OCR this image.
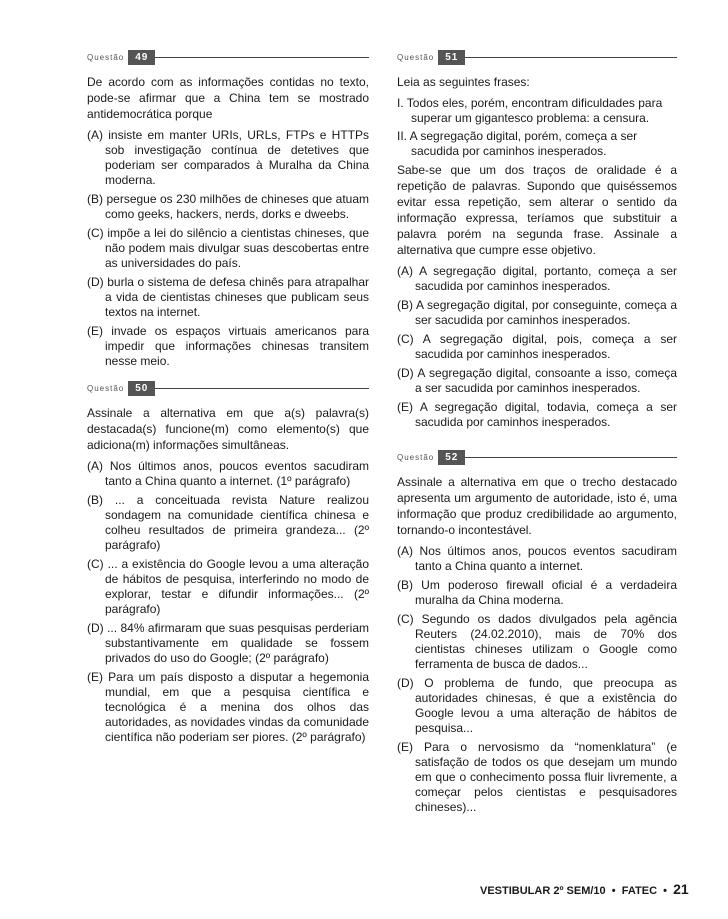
Questão	49

De acordo com as informações contidas no texto, pode-se afirmar que a China tem se mostrado antidemocrática porque

(A) insiste em manter URIs, URLs, FTPs e HTTPs sob investigação contínua de detetives que poderiam ser comparados à Muralha da China moderna.

(B) persegue os 230 milhões de chineses que atuam como geeks, hackers, nerds, dorks e dweebs.

(C) impõe a lei do silêncio a cientistas chineses, que não podem mais divulgar suas descobertas entre as universidades do país.

(D) burla o sistema de defesa chinês para atrapalhar a vida de cientistas chineses que publicam seus textos na internet.

(E) invade os espaços virtuais americanos para impedir que informações chinesas transitem nesse meio.

Questão	50

Assinale a alternativa em que a(s) palavra(s) destacada(s) funcione(m) como elemento(s) que adiciona(m) informações simultâneas.

(A) Nos últimos anos, poucos eventos sacudiram tanto a China quanto a internet. (1º parágrafo)

(B) ... a conceituada revista Nature realizou sondagem na comunidade científica chinesa e colheu resultados de primeira grandeza... (2º parágrafo)

(C) ... a existência do Google levou a uma alteração de hábitos de pesquisa, interferindo no modo de explorar, testar e difundir informações... (2º parágrafo)

(D) ... 84% afirmaram que suas pesquisas perderiam substantivamente em qualidade se fossem privados do uso do Google; (2º parágrafo)

(E) Para um país disposto a disputar a hegemonia mundial, em que a pesquisa científica e tecnológica é a menina dos olhos das autoridades, as novidades vindas da comunidade científica não poderiam ser piores. (2º parágrafo)

Questão	51

Leia as seguintes frases:

I. Todos eles, porém, encontram dificuldades para superar um gigantesco problema: a censura.

II. A segregação digital, porém, começa a ser sacudida por caminhos inesperados.

Sabe-se que um dos traços de oralidade é a repetição de palavras. Supondo que quiséssemos evitar essa repetição, sem alterar o sentido da informação expressa, teríamos que substituir a palavra porém na segunda frase. Assinale a alternativa que cumpre esse objetivo.

(A) A segregação digital, portanto, começa a ser sacudida por caminhos inesperados.

(B) A segregação digital, por conseguinte, começa a ser sacudida por caminhos inesperados.

(C) A segregação digital, pois, começa a ser sacudida por caminhos inesperados.

(D) A segregação digital, consoante a isso, começa a ser sacudida por caminhos inesperados.

(E) A segregação digital, todavia, começa a ser sacudida por caminhos inesperados.

Questão	52

Assinale a alternativa em que o trecho destacado apresenta um argumento de autoridade, isto é, uma informação que produz credibilidade ao argumento, tornando-o incontestável.

(A) Nos últimos anos, poucos eventos sacudiram tanto a China quanto a internet.

(B) Um poderoso firewall oficial é a verdadeira muralha da China moderna.

(C) Segundo os dados divulgados pela agência Reuters (24.02.2010), mais de 70% dos cientistas chineses utilizam o Google como ferramenta de busca de dados...

(D) O problema de fundo, que preocupa as autoridades chinesas, é que a existência do Google levou a uma alteração de hábitos de pesquisa...

(E) Para o nervosismo da “nomenklatura” (e satisfação de todos os que desejam um mundo em que o conhecimento possa fluir livremente, a começar pelos cientistas e pesquisadores chineses)...

VESTIBULAR 2º SEM/10 • FATEC • 21
